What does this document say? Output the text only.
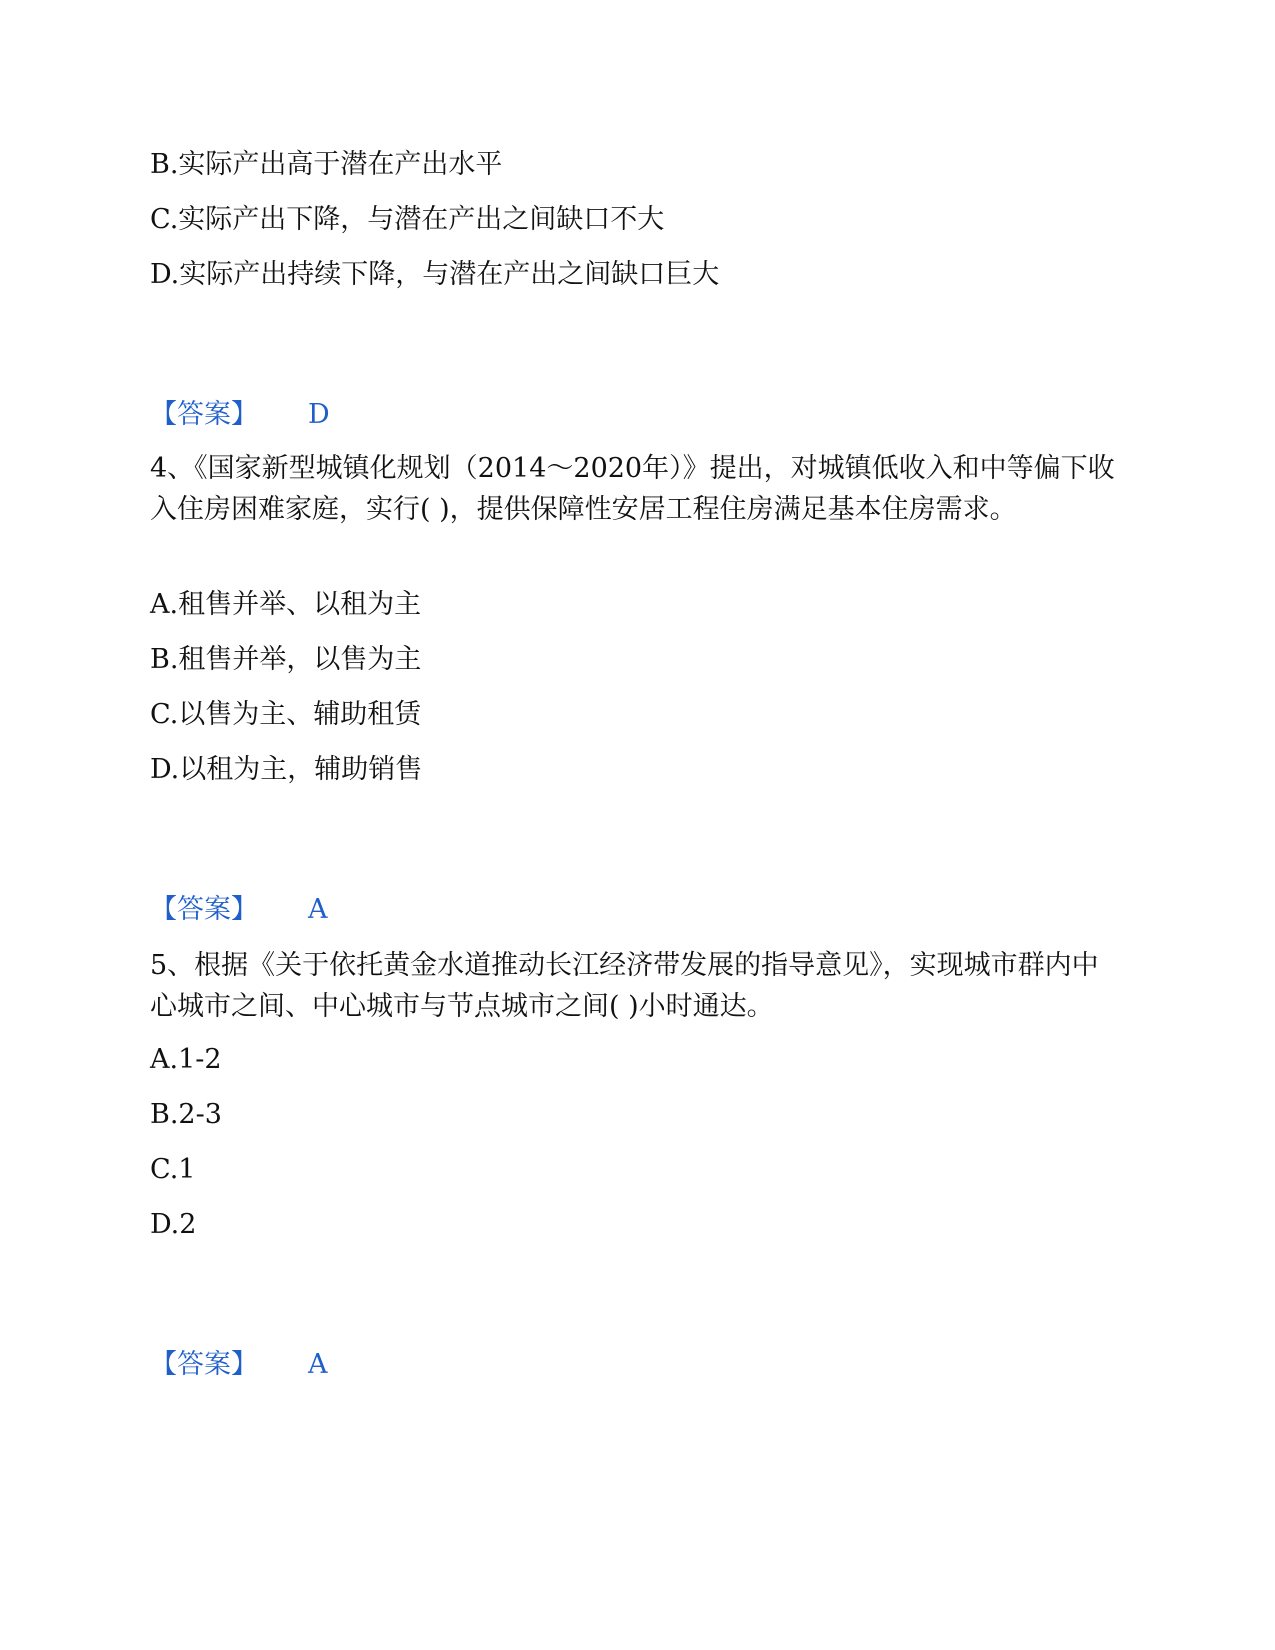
B.实际产出高于潜在产出水平
C.实际产出下降，与潜在产出之间缺口不大
D.实际产出持续下降，与潜在产出之间缺口巨大
【答案】 D
4、《国家新型城镇化规划（2014～2020年）》提出，对城镇低收入和中等偏下收入住房困难家庭，实行( )，提供保障性安居工程住房满足基本住房需求。
A.租售并举、以租为主
B.租售并举，以售为主
C.以售为主、辅助租赁
D.以租为主，辅助销售
【答案】 A
5、根据《关于依托黄金水道推动长江经济带发展的指导意见》，实现城市群内中心城市之间、中心城市与节点城市之间( )小时通达。
A.1-2
B.2-3
C.1
D.2
【答案】 A
